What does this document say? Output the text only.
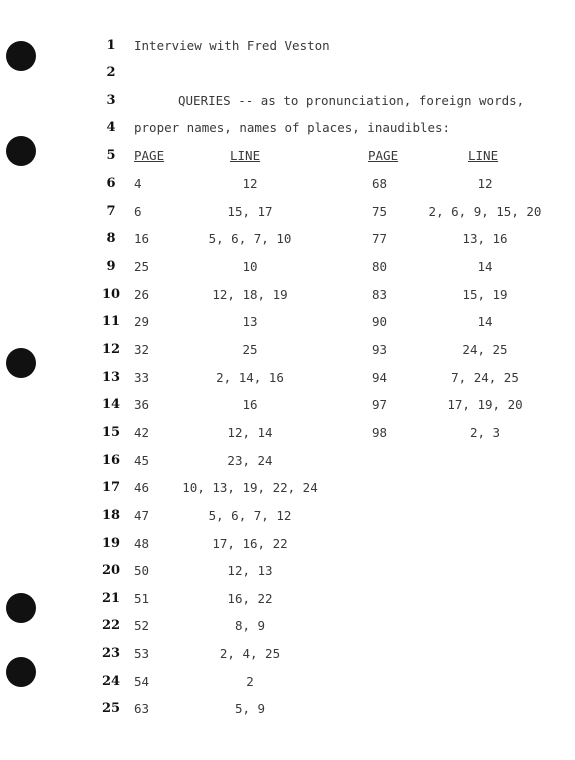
1	Interview with Fred Veston
2
3	QUERIES -- as to pronunciation, foreign words,
4	proper names, names of places, inaudibles:
5	PAGE	LINE	PAGE	LINE
6	4	12	68	12
7	6	15, 17	75	2, 6, 9, 15, 20
8	16	5, 6, 7, 10	77	13, 16
9	25	10	80	14
10	26	12, 18, 19	83	15, 19
11	29	13	90	14
12	32	25	93	24, 25
13	33	2, 14, 16	94	7, 24, 25
14	36	16	97	17, 19, 20
15	42	12, 14	98	2, 3
16	45	23, 24
17	46	10, 13, 19, 22, 24
18	47	5, 6, 7, 12
19	48	17, 16, 22
20	50	12, 13
21	51	16, 22
22	52	8, 9
23	53	2, 4, 25
24	54	2
25	63	5, 9
